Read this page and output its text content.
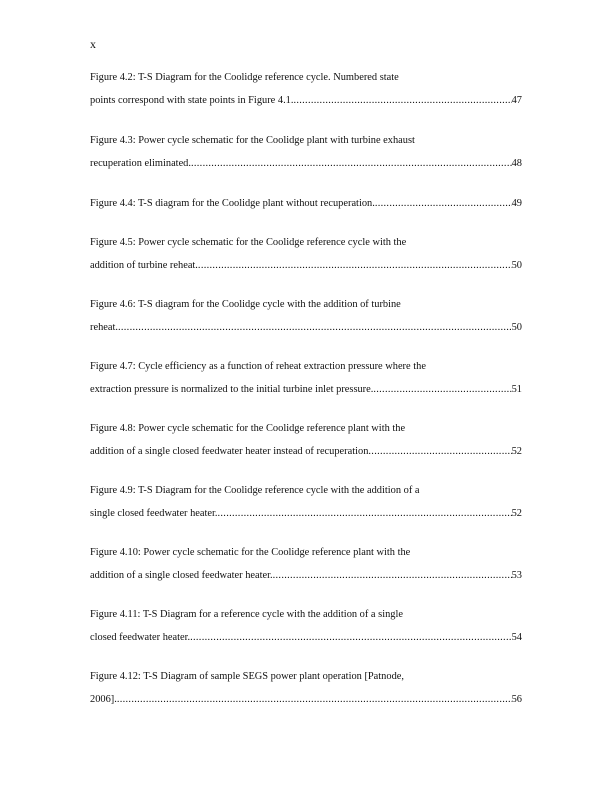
x
Figure 4.2: T-S Diagram for the Coolidge reference cycle. Numbered state
points correspond with state points in Figure 4.1. .....	47
Figure 4.3: Power cycle schematic for the Coolidge plant with turbine exhaust
recuperation eliminated. .....	48
Figure 4.4: T-S diagram for the Coolidge plant without recuperation. .....	49
Figure 4.5: Power cycle schematic for the Coolidge reference cycle with the
addition of turbine reheat. .....	50
Figure 4.6: T-S diagram for the Coolidge cycle with the addition of turbine
reheat. .....	50
Figure 4.7: Cycle efficiency as a function of reheat extraction pressure where the
extraction pressure is normalized to the initial turbine inlet pressure. .....	51
Figure 4.8: Power cycle schematic for the Coolidge reference plant with the
addition of a single closed feedwater heater instead of recuperation .....	52
Figure 4.9: T-S Diagram for the Coolidge reference cycle with the addition of a
single closed feedwater heater. .....	52
Figure 4.10: Power cycle schematic for the Coolidge reference plant with the
addition of a single closed feedwater heater. .....	53
Figure 4.11: T-S Diagram for a reference cycle with the addition of a single
closed feedwater heater. .....	54
Figure 4.12: T-S Diagram of sample SEGS power plant operation [Patnode,
2006]. .....	56
